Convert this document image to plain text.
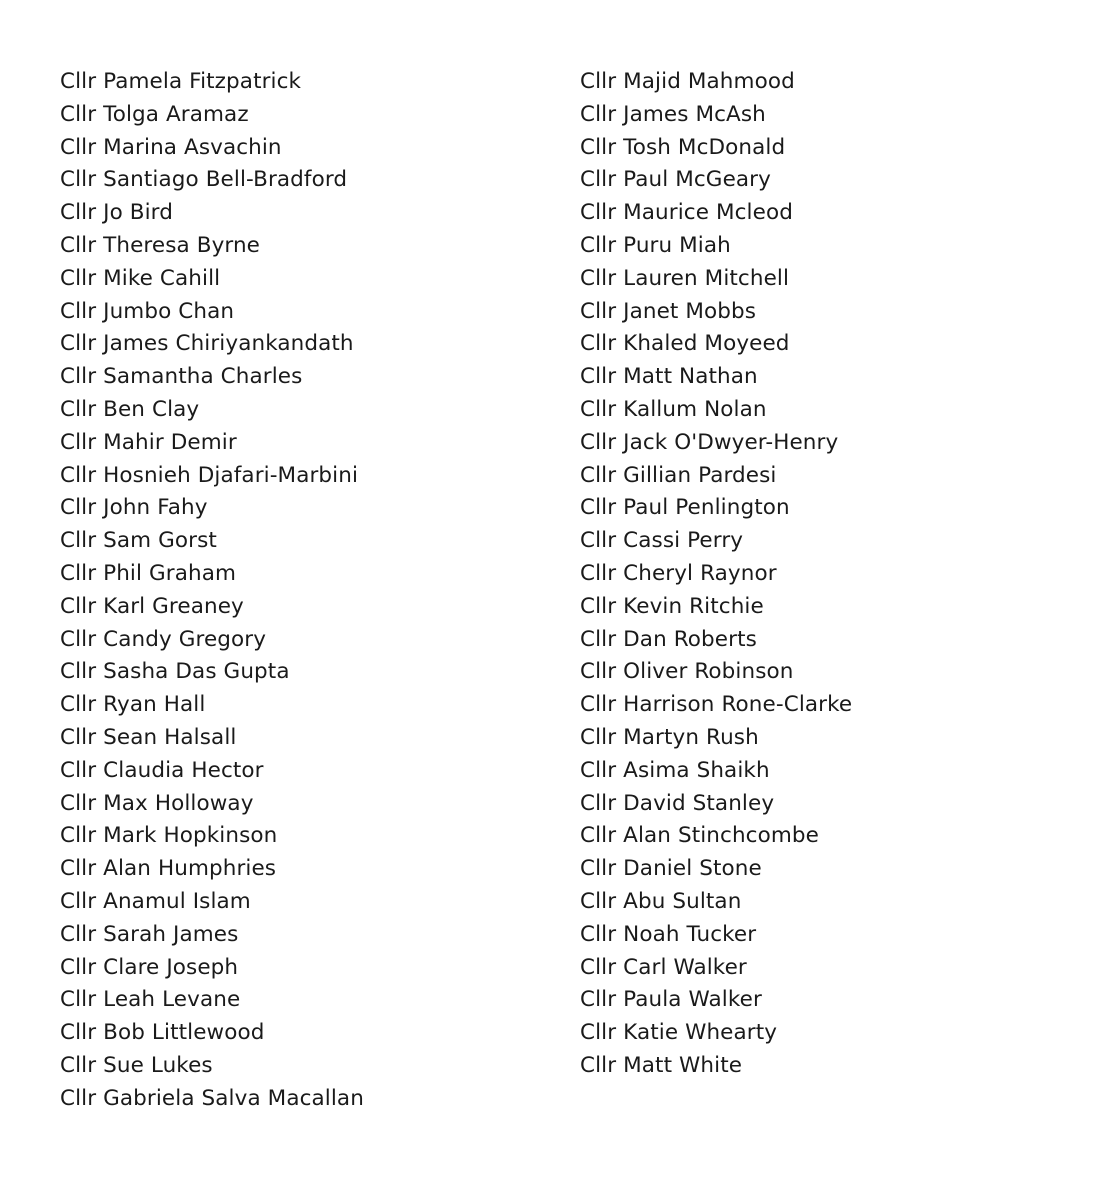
Cllr Pamela Fitzpatrick
Cllr Tolga Aramaz
Cllr Marina Asvachin
Cllr Santiago Bell-Bradford
Cllr Jo Bird
Cllr Theresa Byrne
Cllr Mike Cahill
Cllr Jumbo Chan
Cllr James Chiriyankandath
Cllr Samantha Charles
Cllr Ben Clay
Cllr Mahir Demir
Cllr Hosnieh Djafari-Marbini
Cllr John Fahy
Cllr Sam Gorst
Cllr Phil Graham
Cllr Karl Greaney
Cllr Candy Gregory
Cllr Sasha Das Gupta
Cllr Ryan Hall
Cllr Sean Halsall
Cllr Claudia Hector
Cllr Max Holloway
Cllr Mark Hopkinson
Cllr Alan Humphries
Cllr Anamul Islam
Cllr Sarah James
Cllr Clare Joseph
Cllr Leah Levane
Cllr Bob Littlewood
Cllr Sue Lukes
Cllr Gabriela Salva Macallan
Cllr Majid Mahmood
Cllr James McAsh
Cllr Tosh McDonald
Cllr Paul McGeary
Cllr Maurice Mcleod
Cllr Puru Miah
Cllr Lauren Mitchell
Cllr Janet Mobbs
Cllr Khaled Moyeed
Cllr Matt Nathan
Cllr Kallum Nolan
Cllr Jack O'Dwyer-Henry
Cllr Gillian Pardesi
Cllr Paul Penlington
Cllr Cassi Perry
Cllr Cheryl Raynor
Cllr Kevin Ritchie
Cllr Dan Roberts
Cllr Oliver Robinson
Cllr Harrison Rone-Clarke
Cllr Martyn Rush
Cllr Asima Shaikh
Cllr David Stanley
Cllr Alan Stinchcombe
Cllr Daniel Stone
Cllr Abu Sultan
Cllr Noah Tucker
Cllr Carl Walker
Cllr Paula Walker
Cllr Katie Whearty
Cllr Matt White
